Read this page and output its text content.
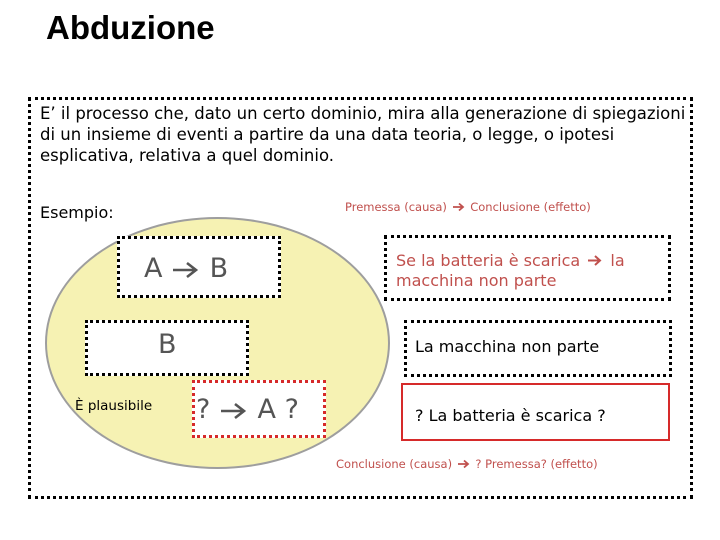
Abduzione
E’ il processo che, dato un certo dominio, mira alla generazione di spiegazioni di un insieme di eventi a partire da una data teoria, o legge, o ipotesi esplicativa, relativa a quel dominio.
Esempio:	Premessa (causa) Conclusione (effetto)
A B
B
È plausibile ? A ?
Se la batteria è scarica la macchina non parte
La macchina non parte
? La batteria è scarica ?
Conclusione (causa) ? Premessa? (effetto)
